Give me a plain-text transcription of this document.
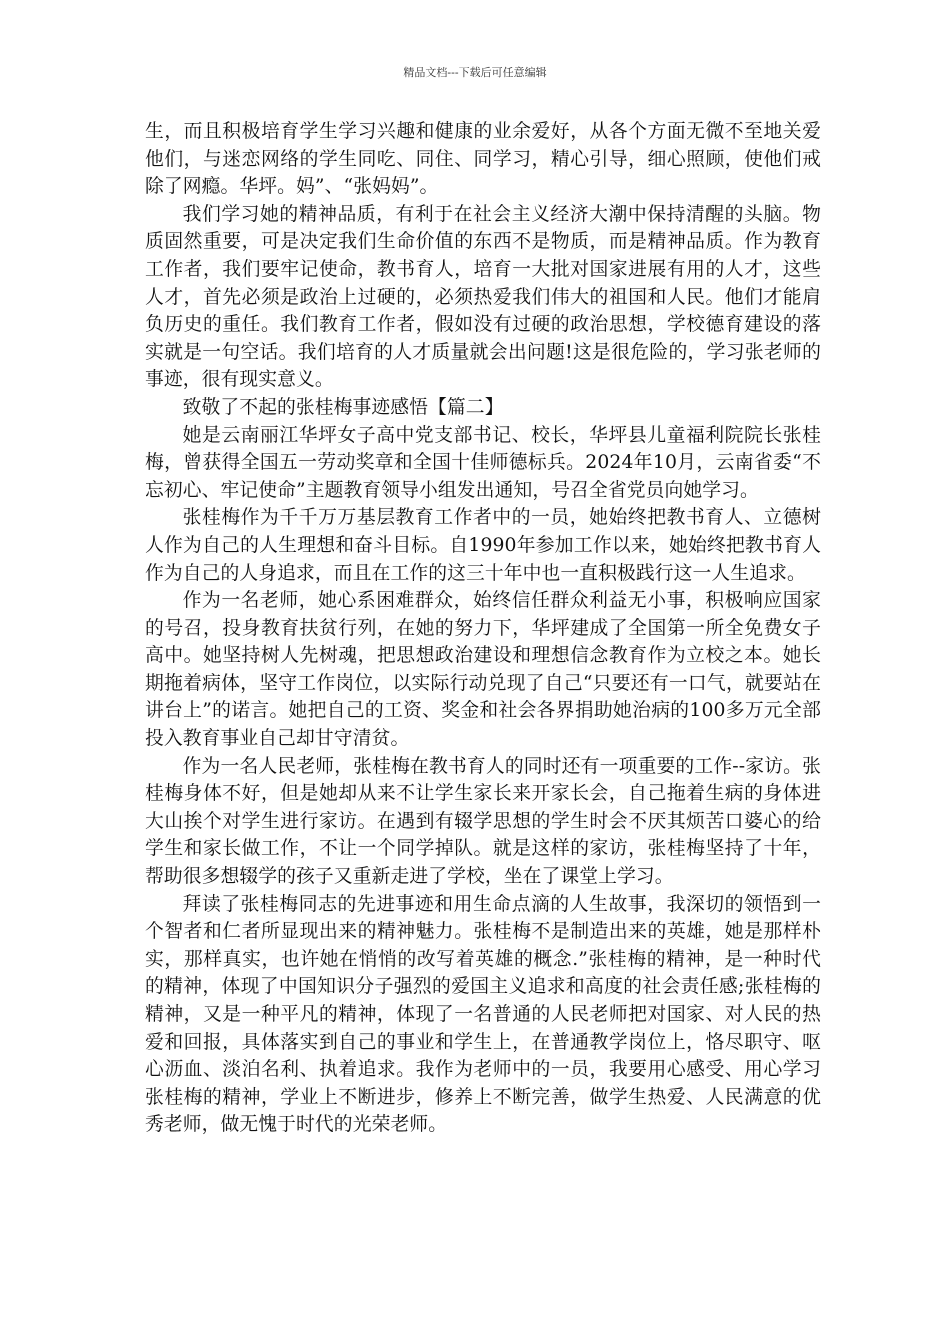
精品文档---下载后可任意编辑

生，而且积极培育学生学习兴趣和健康的业余爱好，从各个方面无微不至地关爱他们，与迷恋网络的学生同吃、同住、同学习，精心引导，细心照顾，使他们戒除了网瘾。华坪。妈”、“张妈妈”。

我们学习她的精神品质，有利于在社会主义经济大潮中保持清醒的头脑。物质固然重要，可是决定我们生命价值的东西不是物质，而是精神品质。作为教育工作者，我们要牢记使命，教书育人，培育一大批对国家进展有用的人才，这些人才，首先必须是政治上过硬的，必须热爱我们伟大的祖国和人民。他们才能肩负历史的重任。我们教育工作者，假如没有过硬的政治思想，学校德育建设的落实就是一句空话。我们培育的人才质量就会出问题!这是很危险的，学习张老师的事迹，很有现实意义。

致敬了不起的张桂梅事迹感悟【篇二】

她是云南丽江华坪女子高中党支部书记、校长，华坪县儿童福利院院长张桂梅，曾获得全国五一劳动奖章和全国十佳师德标兵。2024年10月，云南省委“不忘初心、牢记使命”主题教育领导小组发出通知，号召全省党员向她学习。

张桂梅作为千千万万基层教育工作者中的一员，她始终把教书育人、立德树人作为自己的人生理想和奋斗目标。自1990年参加工作以来，她始终把教书育人作为自己的人身追求，而且在工作的这三十年中也一直积极践行这一人生追求。

作为一名老师，她心系困难群众，始终信任群众利益无小事，积极响应国家的号召，投身教育扶贫行列，在她的努力下，华坪建成了全国第一所全免费女子高中。她坚持树人先树魂，把思想政治建设和理想信念教育作为立校之本。她长期拖着病体，坚守工作岗位，以实际行动兑现了自己“只要还有一口气，就要站在讲台上”的诺言。她把自己的工资、奖金和社会各界捐助她治病的100多万元全部投入教育事业自己却甘守清贫。

作为一名人民老师，张桂梅在教书育人的同时还有一项重要的工作--家访。张桂梅身体不好，但是她却从来不让学生家长来开家长会，自己拖着生病的身体进大山挨个对学生进行家访。在遇到有辍学思想的学生时会不厌其烦苦口婆心的给学生和家长做工作，不让一个同学掉队。就是这样的家访，张桂梅坚持了十年，帮助很多想辍学的孩子又重新走进了学校，坐在了课堂上学习。

拜读了张桂梅同志的先进事迹和用生命点滴的人生故事，我深切的领悟到一个智者和仁者所显现出来的精神魅力。张桂梅不是制造出来的英雄，她是那样朴实，那样真实，也许她在悄悄的改写着英雄的概念.”张桂梅的精神，是一种时代的精神，体现了中国知识分子强烈的爱国主义追求和高度的社会责任感;张桂梅的精神，又是一种平凡的精神，体现了一名普通的人民老师把对国家、对人民的热爱和回报，具体落实到自己的事业和学生上，在普通教学岗位上，恪尽职守、呕心沥血、淡泊名利、执着追求。我作为老师中的一员，我要用心感受、用心学习张桂梅的精神，学业上不断进步，修养上不断完善，做学生热爱、人民满意的优秀老师，做无愧于时代的光荣老师。
